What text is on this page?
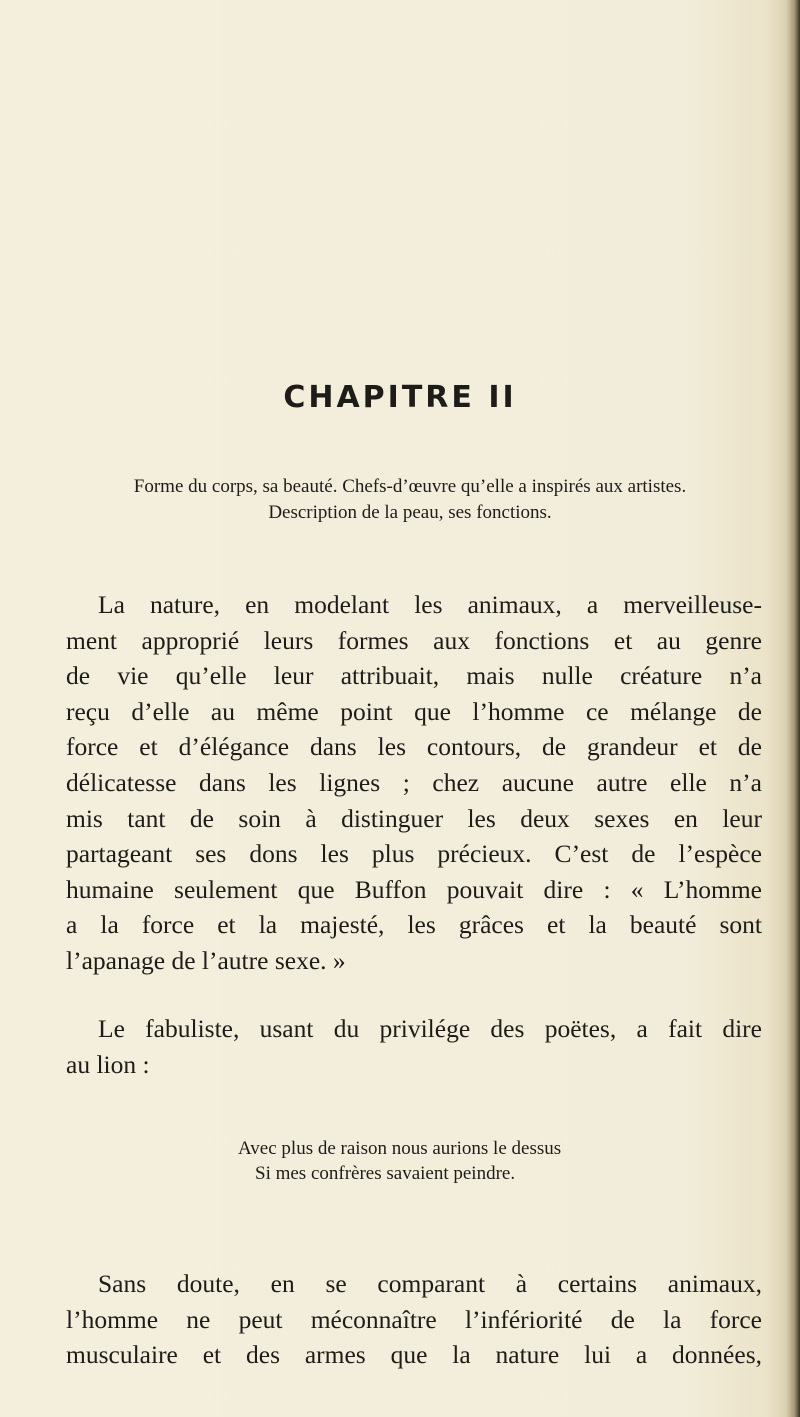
CHAPITRE II

Forme du corps, sa beauté. Chefs-d’œuvre qu’elle a inspirés aux artistes.
Description de la peau, ses fonctions.

La nature, en modelant les animaux, a merveilleuse-
ment approprié leurs formes aux fonctions et au genre
de vie qu’elle leur attribuait, mais nulle créature n’a
reçu d’elle au même point que l’homme ce mélange de
force et d’élégance dans les contours, de grandeur et de
délicatesse dans les lignes ; chez aucune autre elle n’a
mis tant de soin à distinguer les deux sexes en leur
partageant ses dons les plus précieux. C’est de l’espèce
humaine seulement que Buffon pouvait dire : « L’homme
a la force et la majesté, les grâces et la beauté sont
l’apanage de l’autre sexe. »

Le fabuliste, usant du privilége des poëtes, a fait dire
au lion :

Avec plus de raison nous aurions le dessus
Si mes confrères savaient peindre.

Sans doute, en se comparant à certains animaux,
l’homme ne peut méconnaître l’infériorité de la force
musculaire et des armes que la nature lui a données,
